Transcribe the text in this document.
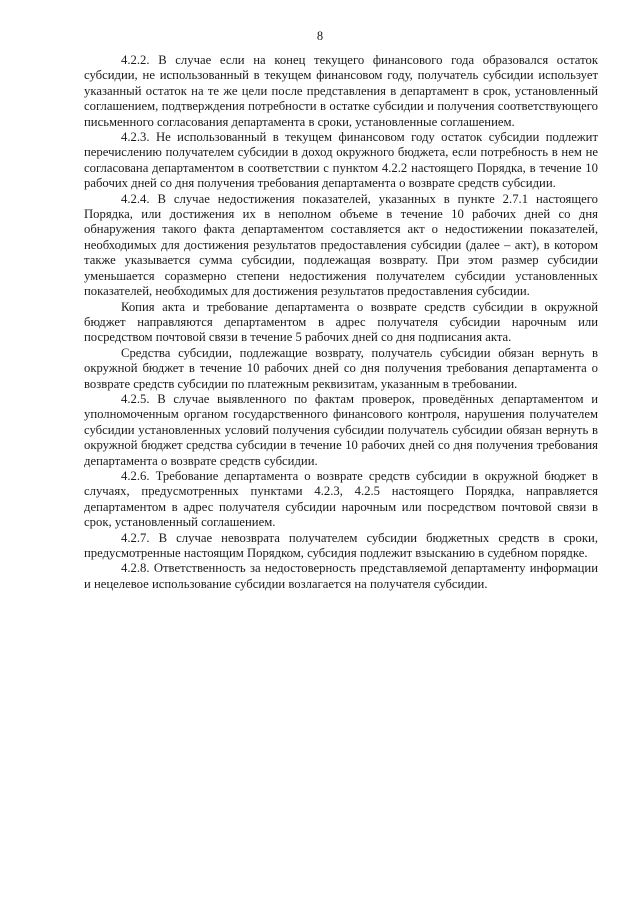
8

4.2.2. В случае если на конец текущего финансового года образовался остаток субсидии, не использованный в текущем финансовом году, получатель субсидии использует указанный остаток на те же цели после представления в департамент в срок, установленный соглашением, подтверждения потребности в остатке субсидии и получения соответствующего письменного согласования департамента в сроки, установленные соглашением.

4.2.3. Не использованный в текущем финансовом году остаток субсидии подлежит перечислению получателем субсидии в доход окружного бюджета, если потребность в нем не согласована департаментом в соответствии с пунктом 4.2.2 настоящего Порядка, в течение 10 рабочих дней со дня получения требования департамента о возврате средств субсидии.

4.2.4. В случае недостижения показателей, указанных в пункте 2.7.1 настоящего Порядка, или достижения их в неполном объеме в течение 10 рабочих дней со дня обнаружения такого факта департаментом составляется акт о недостижении показателей, необходимых для достижения результатов предоставления субсидии (далее – акт), в котором также указывается сумма субсидии, подлежащая возврату. При этом размер субсидии уменьшается соразмерно степени недостижения получателем субсидии установленных показателей, необходимых для достижения результатов предоставления субсидии.

Копия акта и требование департамента о возврате средств субсидии в окружной бюджет направляются департаментом в адрес получателя субсидии нарочным или посредством почтовой связи в течение 5 рабочих дней со дня подписания акта.

Средства субсидии, подлежащие возврату, получатель субсидии обязан вернуть в окружной бюджет в течение 10 рабочих дней со дня получения требования департамента о возврате средств субсидии по платежным реквизитам, указанным в требовании.

4.2.5. В случае выявленного по фактам проверок, проведённых департаментом и уполномоченным органом государственного финансового контроля, нарушения получателем субсидии установленных условий получения субсидии получатель субсидии обязан вернуть в окружной бюджет средства субсидии в течение 10 рабочих дней со дня получения требования департамента о возврате средств субсидии.

4.2.6. Требование департамента о возврате средств субсидии в окружной бюджет в случаях, предусмотренных пунктами 4.2.3, 4.2.5 настоящего Порядка, направляется департаментом в адрес получателя субсидии нарочным или посредством почтовой связи в срок, установленный соглашением.

4.2.7. В случае невозврата получателем субсидии бюджетных средств в сроки, предусмотренные настоящим Порядком, субсидия подлежит взысканию в судебном порядке.

4.2.8. Ответственность за недостоверность представляемой департаменту информации и нецелевое использование субсидии возлагается на получателя субсидии.
